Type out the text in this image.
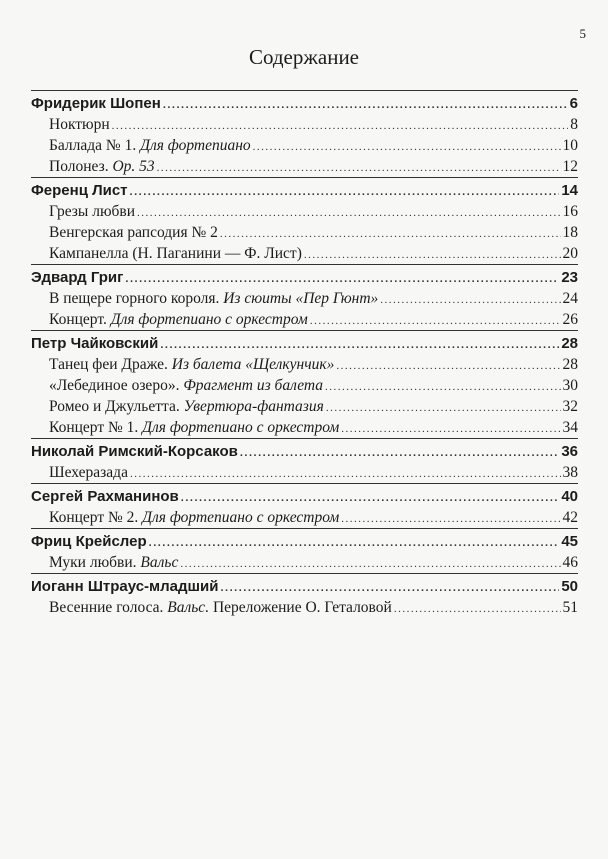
5
Содержание
Фридерик Шопен .....	6
Ноктюрн .....	8
Баллада № 1. Для фортепиано .....	10
Полонез. Ор. 53 .....	12
Ференц Лист .....	14
Грезы любви .....	16
Венгерская рапсодия № 2 .....	18
Кампанелла (Н. Паганини — Ф. Лист) .....	20
Эдвард Григ .....	23
В пещере горного короля. Из сюиты «Пер Гюнт» .....	24
Концерт. Для фортепиано с оркестром .....	26
Петр Чайковский .....	28
Танец феи Драже. Из балета «Щелкунчик» .....	28
«Лебединое озеро». Фрагмент из балета .....	30
Ромео и Джульетта. Увертюра-фантазия .....	32
Концерт № 1. Для фортепиано с оркестром .....	34
Николай Римский-Корсаков .....	36
Шехеразада .....	38
Сергей Рахманинов .....	40
Концерт № 2. Для фортепиано с оркестром .....	42
Фриц Крейслер .....	45
Муки любви. Вальс .....	46
Иоганн Штраус-младший .....	50
Весенние голоса. Вальс. Переложение О. Геталовой .....	51
